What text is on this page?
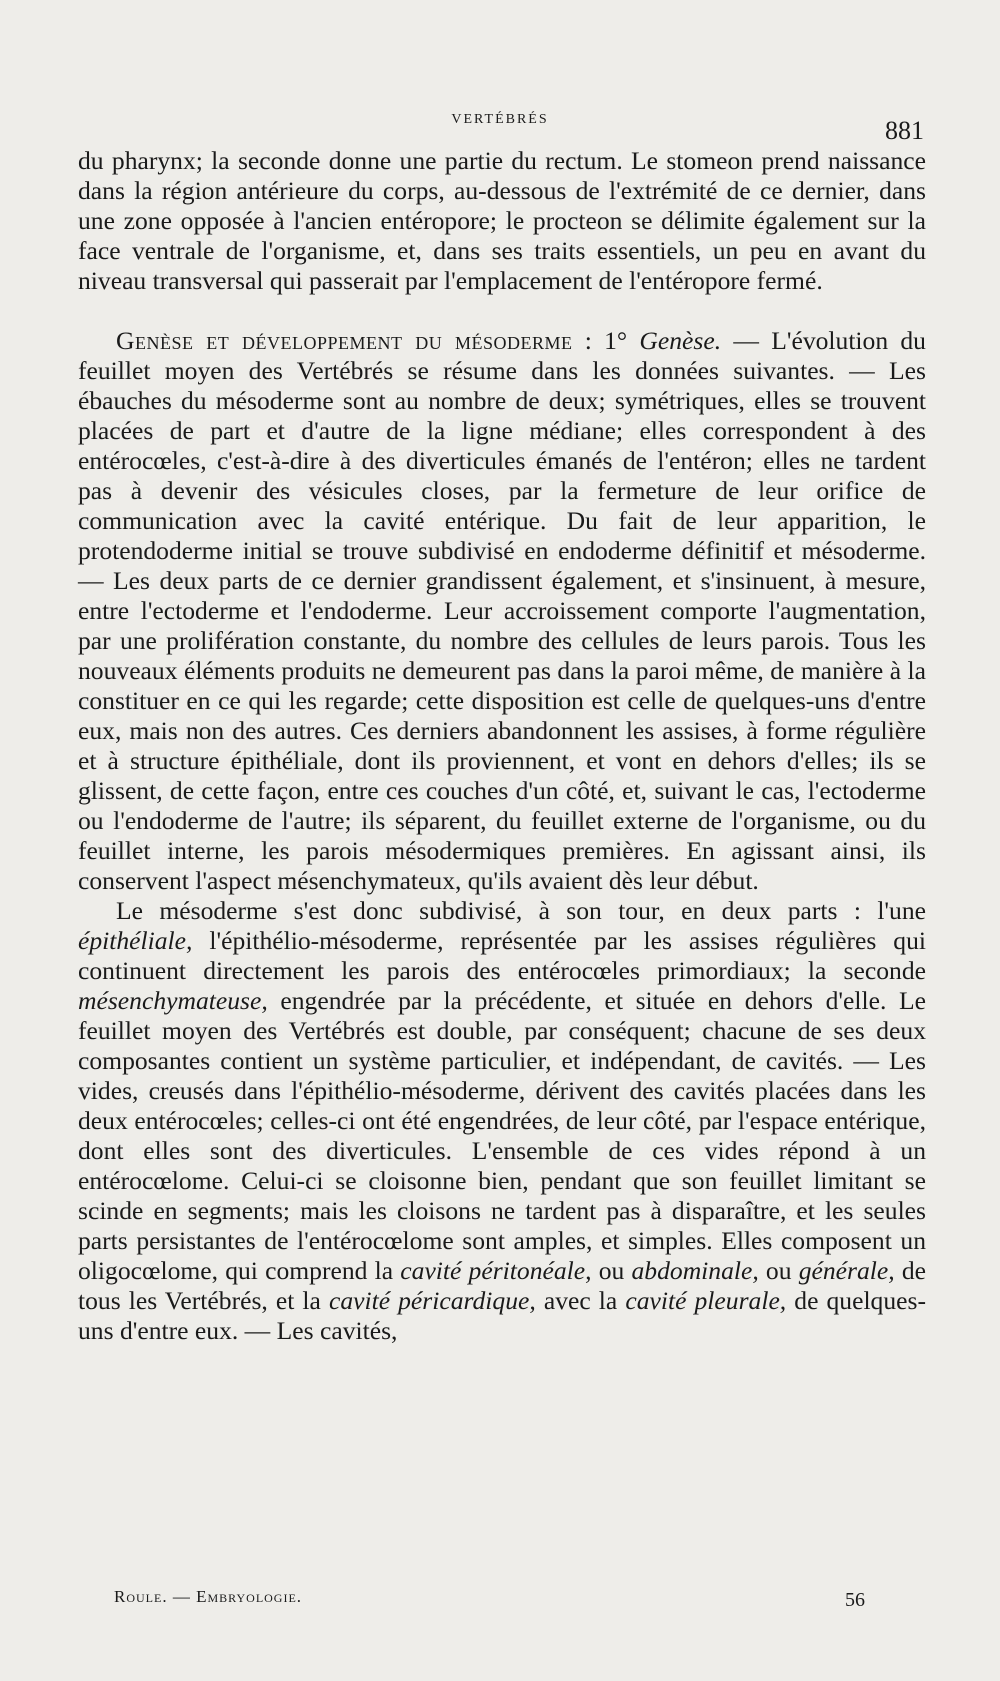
VERTÉBRÉS	881

du pharynx; la seconde donne une partie du rectum. Le stomeon prend naissance dans la région antérieure du corps, au-dessous de l'extrémité de ce dernier, dans une zone opposée à l'ancien entéropore; le procteon se délimite également sur la face ventrale de l'organisme, et, dans ses traits essentiels, un peu en avant du niveau transversal qui passerait par l'emplacement de l'entéropore fermé.

Genèse et développement du mésoderme : 1° Genèse. — L'évolution du feuillet moyen des Vertébrés se résume dans les données suivantes. — Les ébauches du mésoderme sont au nombre de deux; symétriques, elles se trouvent placées de part et d'autre de la ligne médiane; elles correspondent à des entérocœles, c'est-à-dire à des diverticules émanés de l'entéron; elles ne tardent pas à devenir des vésicules closes, par la fermeture de leur orifice de communication avec la cavité entérique. Du fait de leur apparition, le protendoderme initial se trouve subdivisé en endoderme définitif et mésoderme. — Les deux parts de ce dernier grandissent également, et s'insinuent, à mesure, entre l'ectoderme et l'endoderme. Leur accroissement comporte l'augmentation, par une prolifération constante, du nombre des cellules de leurs parois. Tous les nouveaux éléments produits ne demeurent pas dans la paroi même, de manière à la constituer en ce qui les regarde; cette disposition est celle de quelques-uns d'entre eux, mais non des autres. Ces derniers abandonnent les assises, à forme régulière et à structure épithéliale, dont ils proviennent, et vont en dehors d'elles; ils se glissent, de cette façon, entre ces couches d'un côté, et, suivant le cas, l'ectoderme ou l'endoderme de l'autre; ils séparent, du feuillet externe de l'organisme, ou du feuillet interne, les parois mésodermiques premières. En agissant ainsi, ils conservent l'aspect mésenchymateux, qu'ils avaient dès leur début.

Le mésoderme s'est donc subdivisé, à son tour, en deux parts : l'une épithéliale, l'épithélio-mésoderme, représentée par les assises régulières qui continuent directement les parois des entérocœles primordiaux; la seconde mésenchymateuse, engendrée par la précédente, et située en dehors d'elle. Le feuillet moyen des Vertébrés est double, par conséquent; chacune de ses deux composantes contient un système particulier, et indépendant, de cavités. — Les vides, creusés dans l'épithélio-mésoderme, dérivent des cavités placées dans les deux entérocœles; celles-ci ont été engendrées, de leur côté, par l'espace entérique, dont elles sont des diverticules. L'ensemble de ces vides répond à un entérocœlome. Celui-ci se cloisonne bien, pendant que son feuillet limitant se scinde en segments; mais les cloisons ne tardent pas à disparaître, et les seules parts persistantes de l'entérocœlome sont amples, et simples. Elles composent un oligocœlome, qui comprend la cavité péritonéale, ou abdominale, ou générale, de tous les Vertébrés, et la cavité péricardique, avec la cavité pleurale, de quelques-uns d'entre eux. — Les cavités,

Roule. — Embryologie.	56
